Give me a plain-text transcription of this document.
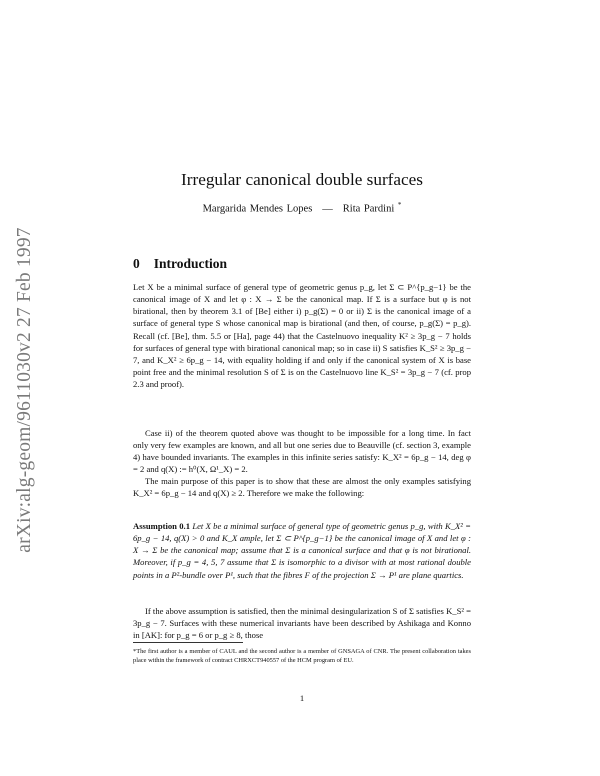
arXiv:alg-geom/9611030v2 27 Feb 1997
Irregular canonical double surfaces
Margarida Mendes Lopes — Rita Pardini *
0 Introduction

Let X be a minimal surface of general type of geometric genus p_g, let Σ ⊂ P^{p_g−1} be the canonical image of X and let φ : X → Σ be the canonical map. If Σ is a surface but φ is not birational, then by theorem 3.1 of [Be] either i) p_g(Σ) = 0 or ii) Σ is the canonical image of a surface of general type S whose canonical map is birational (and then, of course, p_g(Σ) = p_g). Recall (cf. [Be], thm. 5.5 or [Ha], page 44) that the Castelnuovo inequality K² ≥ 3p_g − 7 holds for surfaces of general type with birational canonical map; so in case ii) S satisfies K_S² ≥ 3p_g − 7, and K_X² ≥ 6p_g − 14, with equality holding if and only if the canonical system of X is base point free and the minimal resolution S of Σ is on the Castelnuovo line K_S² = 3p_g − 7 (cf. prop 2.3 and proof).

Case ii) of the theorem quoted above was thought to be impossible for a long time. In fact only very few examples are known, and all but one series due to Beauville (cf. section 3, example 4) have bounded invariants. The examples in this infinite series satisfy: K_X² = 6p_g − 14, deg φ = 2 and q(X) := h⁰(X, Ω¹_X) = 2.

The main purpose of this paper is to show that these are almost the only examples satisfying K_X² = 6p_g − 14 and q(X) ≥ 2. Therefore we make the following:

Assumption 0.1 Let X be a minimal surface of general type of geometric genus p_g, with K_X² = 6p_g − 14, q(X) > 0 and K_X ample, let Σ ⊂ P^{p_g−1} be the canonical image of X and let φ : X → Σ be the canonical map; assume that Σ is a canonical surface and that φ is not birational. Moreover, if p_g = 4, 5, 7 assume that Σ is isomorphic to a divisor with at most rational double points in a P²-bundle over P¹, such that the fibres F of the projection Σ → P¹ are plane quartics.

If the above assumption is satisfied, then the minimal desingularization S of Σ satisfies K_S² = 3p_g − 7. Surfaces with these numerical invariants have been described by Ashikaga and Konno in [AK]: for p_g = 6 or p_g ≥ 8, those

*The first author is a member of CAUL and the second author is a member of GNSAGA of CNR. The present collaboration takes place within the framework of contract CHRXCT940557 of the HCM program of EU.
1
